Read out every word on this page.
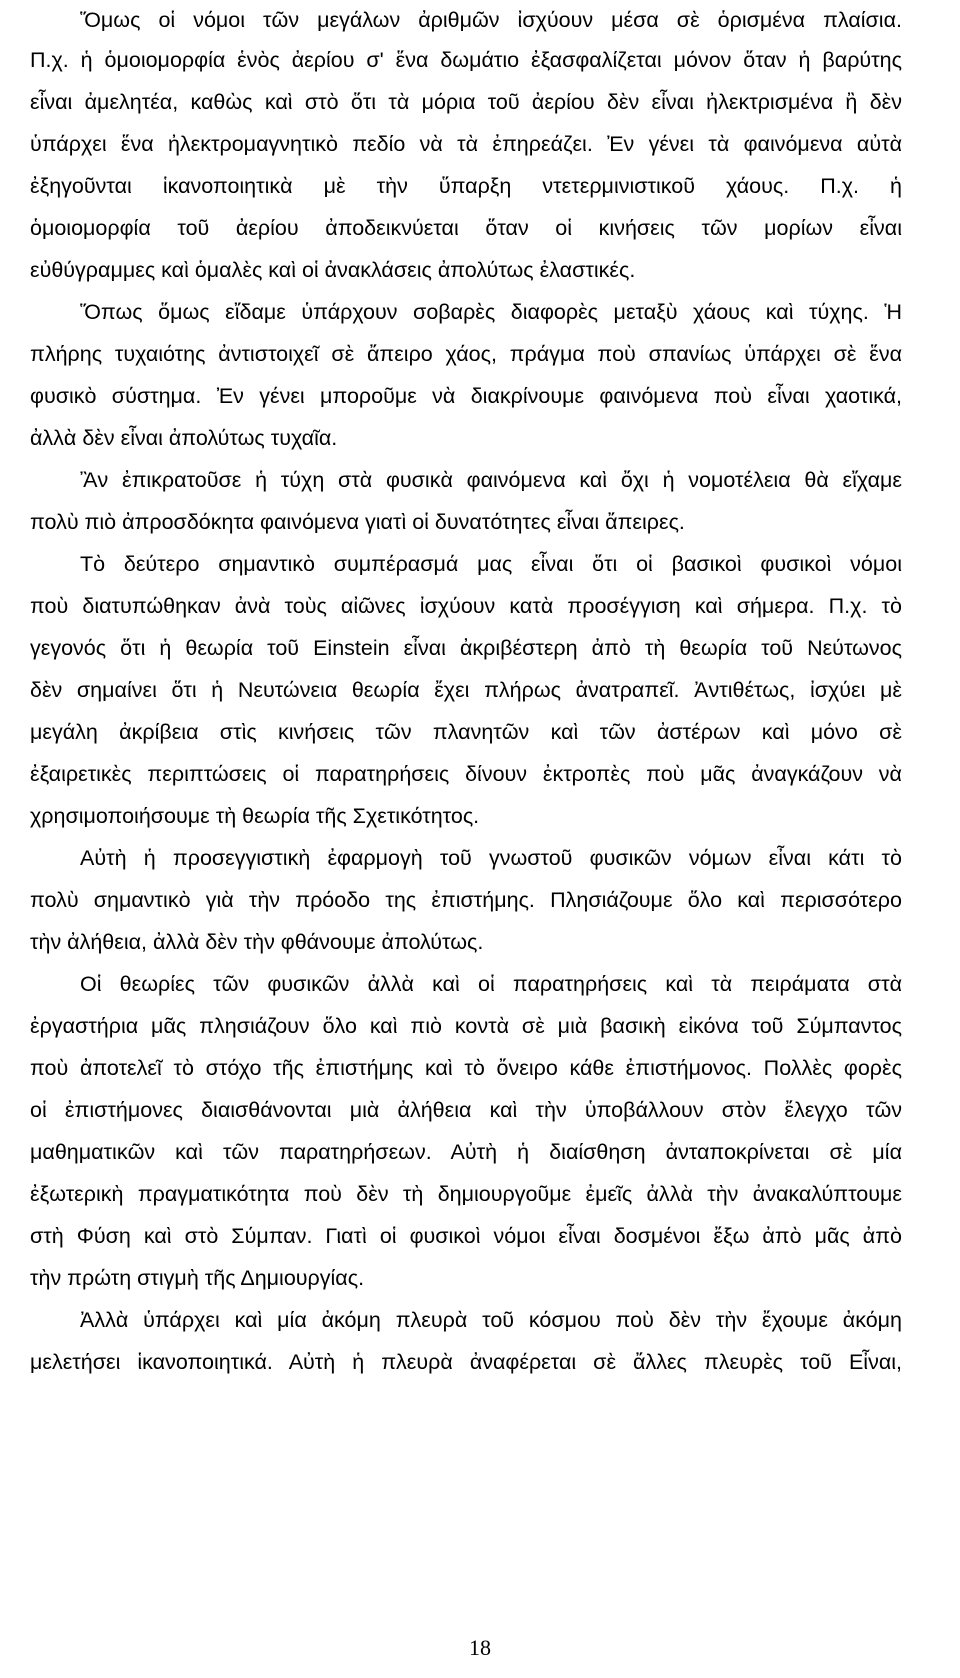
Ὅμως οἱ νόμοι τῶν μεγάλων ἀριθμῶν ἰσχύουν μέσα σὲ ὁρισμένα πλαίσια.
Π.χ. ἡ ὁμοιομορφία ἑνὸς ἀερίου σ' ἕνα δωμάτιο ἐξασφαλίζεται μόνον ὅταν ἡ βαρύτης
εἶναι ἀμελητέα, καθὼς καὶ στὸ ὅτι τὰ μόρια τοῦ ἀερίου δὲν εἶναι ἠλεκτρισμένα ἢ δὲν
ὑπάρχει ἕνα ἠλεκτρομαγνητικὸ πεδίο νὰ τὰ ἐπηρεάζει. Ἐν γένει τὰ φαινόμενα αὐτὰ
ἐξηγοῦνται ἱκανοποιητικὰ μὲ τὴν ὕπαρξη ντετερμινιστικοῦ χάους. Π.χ. ἡ
ὁμοιομορφία τοῦ ἀερίου ἀποδεικνύεται ὅταν οἱ κινήσεις τῶν μορίων εἶναι
εὐθύγραμμες καὶ ὁμαλὲς καὶ οἱ ἀνακλάσεις ἀπολύτως ἐλαστικές.
Ὅπως ὅμως εἴδαμε ὑπάρχουν σοβαρὲς διαφορὲς μεταξὺ χάους καὶ τύχης. Ἡ
πλήρης τυχαιότης ἀντιστοιχεῖ σὲ ἄπειρο χάος, πράγμα ποὺ σπανίως ὑπάρχει σὲ ἕνα
φυσικὸ σύστημα. Ἐν γένει μποροῦμε νὰ διακρίνουμε φαινόμενα ποὺ εἶναι χαοτικά,
ἀλλὰ δὲν εἶναι ἀπολύτως τυχαῖα.
Ἂν ἐπικρατοῦσε ἡ τύχη στὰ φυσικὰ φαινόμενα καὶ ὄχι ἡ νομοτέλεια θὰ εἴχαμε
πολὺ πιὸ ἀπροσδόκητα φαινόμενα γιατὶ οἱ δυνατότητες εἶναι ἄπειρες.
Τὸ δεύτερο σημαντικὸ συμπέρασμά μας εἶναι ὅτι οἱ βασικοὶ φυσικοὶ νόμοι
ποὺ διατυπώθηκαν ἀνὰ τοὺς αἰῶνες ἰσχύουν κατὰ προσέγγιση καὶ σήμερα. Π.χ. τὸ
γεγονός ὅτι ἡ θεωρία τοῦ Einstein εἶναι ἀκριβέστερη ἀπὸ τὴ θεωρία τοῦ Νεύτωνος
δὲν σημαίνει ὅτι ἡ Νευτώνεια θεωρία ἔχει πλήρως ἀνατραπεῖ. Ἀντιθέτως, ἰσχύει μὲ
μεγάλη ἀκρίβεια στὶς κινήσεις τῶν πλανητῶν καὶ τῶν ἀστέρων καὶ μόνο σὲ
ἐξαιρετικὲς περιπτώσεις οἱ παρατηρήσεις δίνουν ἐκτροπὲς ποὺ μᾶς ἀναγκάζουν νὰ
χρησιμοποιήσουμε τὴ θεωρία τῆς Σχετικότητος.
Αὐτὴ ἡ προσεγγιστικὴ ἐφαρμογὴ τοῦ γνωστοῦ φυσικῶν νόμων εἶναι κάτι τὸ
πολὺ σημαντικὸ γιὰ τὴν πρόοδο της ἐπιστήμης. Πλησιάζουμε ὅλο καὶ περισσότερο
τὴν ἀλήθεια, ἀλλὰ δὲν τὴν φθάνουμε ἀπολύτως.
Οἱ θεωρίες τῶν φυσικῶν ἀλλὰ καὶ οἱ παρατηρήσεις καὶ τὰ πειράματα στὰ
ἐργαστήρια μᾶς πλησιάζουν ὅλο καὶ πιὸ κοντὰ σὲ μιὰ βασικὴ εἰκόνα τοῦ Σύμπαντος
ποὺ ἀποτελεῖ τὸ στόχο τῆς ἐπιστήμης καὶ τὸ ὄνειρο κάθε ἐπιστήμονος. Πολλὲς φορὲς
οἱ ἐπιστήμονες διαισθάνονται μιὰ ἀλήθεια καὶ τὴν ὑποβάλλουν στὸν ἔλεγχο τῶν
μαθηματικῶν καὶ τῶν παρατηρήσεων. Αὐτὴ ἡ διαίσθηση ἀνταποκρίνεται σὲ μία
ἐξωτερικὴ πραγματικότητα ποὺ δὲν τὴ δημιουργοῦμε ἐμεῖς ἀλλὰ τὴν ἀνακαλύπτουμε
στὴ Φύση καὶ στὸ Σύμπαν. Γιατὶ οἱ φυσικοὶ νόμοι εἶναι δοσμένοι ἔξω ἀπὸ μᾶς ἀπὸ
τὴν πρώτη στιγμὴ τῆς Δημιουργίας.
Ἀλλὰ ὑπάρχει καὶ μία ἀκόμη πλευρὰ τοῦ κόσμου ποὺ δὲν τὴν ἔχουμε ἀκόμη
μελετήσει ἱκανοποιητικά. Αὐτὴ ἡ πλευρὰ ἀναφέρεται σὲ ἄλλες πλευρὲς τοῦ Εἶναι,
18
